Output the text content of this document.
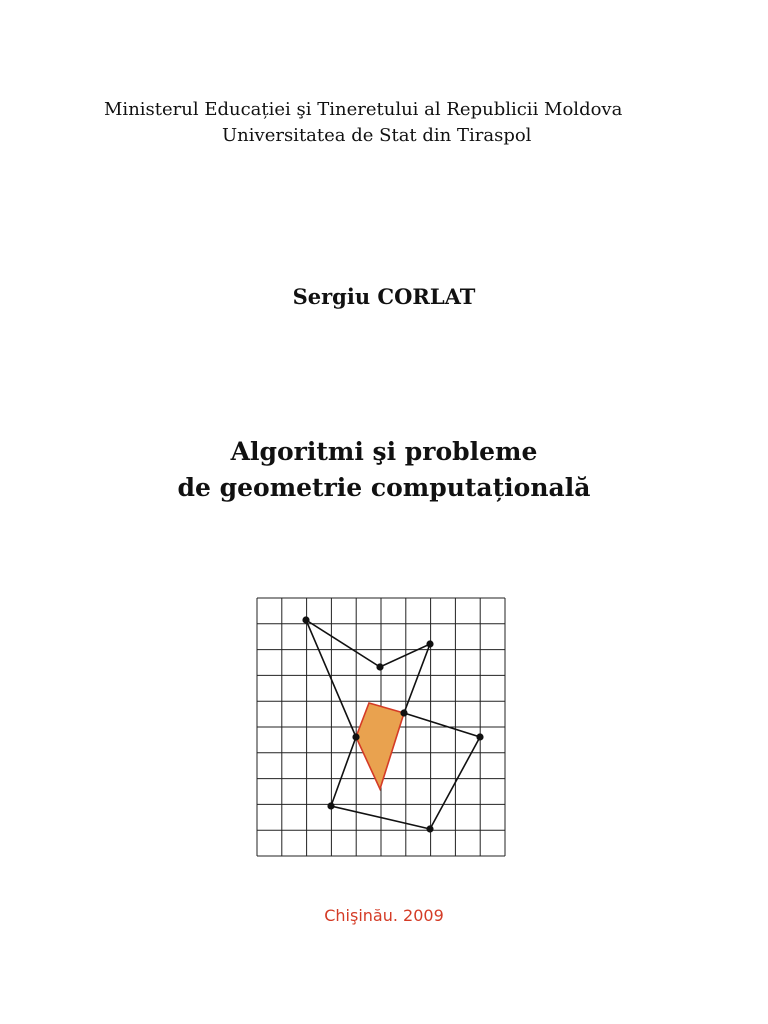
Ministerul Educației şi Tineretului al Republicii Moldova
Universitatea de Stat din Tiraspol
Sergiu CORLAT
Algoritmi şi probleme
de geometrie computațională
Chişinău. 2009
